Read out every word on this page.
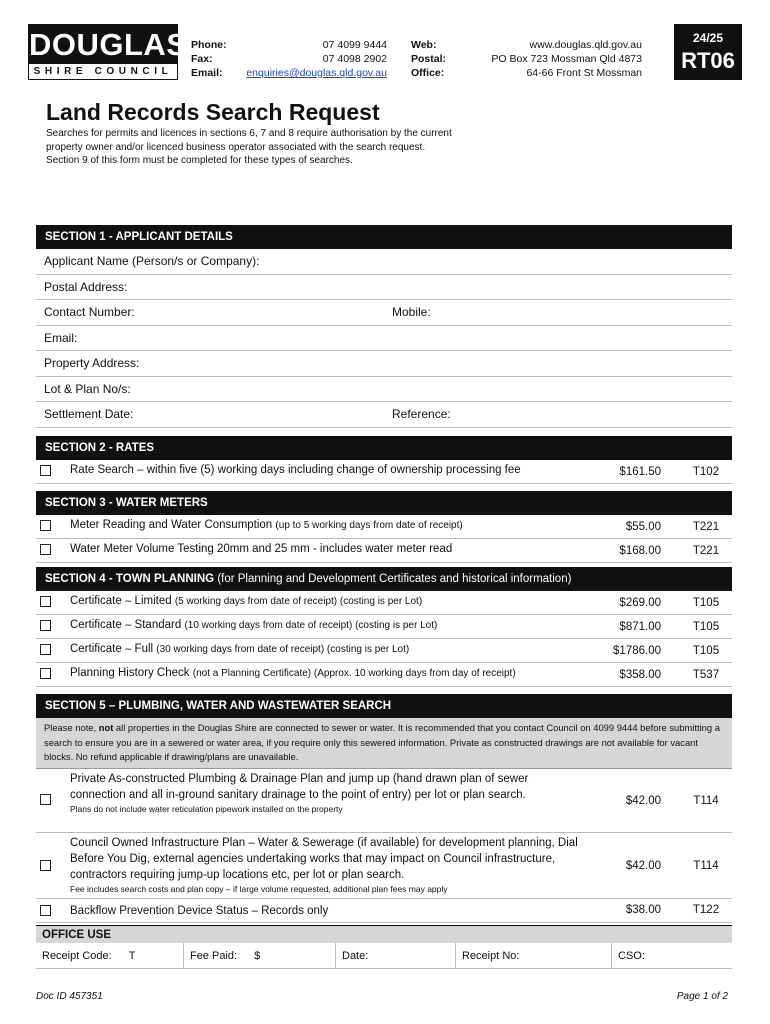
DOUGLAS
SHIRE COUNCIL
Phone:
Fax:
Email:
07 4099 9444
07 4098 2902
enquiries@douglas.qld.gov.au
Web:
Postal:
Office:
www.douglas.qld.gov.au
PO Box 723 Mossman Qld 4873
64-66 Front St Mossman
24/25
RT06
Land Records Search Request

Searches for permits and licences in sections 6, 7 and 8 require authorisation by the current

property owner and/or licenced business operator associated with the search request.

Section 9 of this form must be completed for these types of searches.

SECTION 1 - APPLICANT DETAILS
Applicant Name (Person/s or Company):
Postal Address:
Contact Number:	Mobile:
Email:
Property Address:
Lot & Plan No/s:
Settlement Date:	Reference:
SECTION 2 - RATES
Rate Search – within five (5) working days including change of ownership processing fee	$161.50	T102
SECTION 3 - WATER METERS
Meter Reading and Water Consumption (up to 5 working days from date of receipt)	$55.00	T221
Water Meter Volume Testing 20mm and 25 mm - includes water meter read	$168.00	T221
SECTION 4 - TOWN PLANNING (for Planning and Development Certificates and historical information)
Certificate – Limited (5 working days from date of receipt) (costing is per Lot)	$269.00	T105
Certificate – Standard (10 working days from date of receipt) (costing is per Lot)	$871.00	T105
Certificate – Full (30 working days from date of receipt) (costing is per Lot)	$1786.00	T105
Planning History Check (not a Planning Certificate) (Approx. 10 working days from day of receipt)	$358.00	T537
SECTION 5 – PLUMBING, WATER AND WASTEWATER SEARCH
Please note, not all properties in the Douglas Shire are connected to sewer or water. It is recommended that you contact Council on 4099 9444 before submitting a search to ensure you are in a sewered or water area, if you require only this sewered information. Private as constructed drawings are not available for vacant blocks. No refund applicable if drawing/plans are unavailable.
Private As-constructed Plumbing & Drainage Plan and jump up (hand drawn plan of sewer connection and all in-ground sanitary drainage to the point of entry) per lot or plan search.
Plans do not include water reticulation pipework installed on the property
$42.00	T114
Council Owned Infrastructure Plan – Water & Sewerage (if available) for development planning, Dial Before You Dig, external agencies undertaking works that may impact on Council infrastructure, contractors requiring jump-up locations etc, per lot or plan search.
Fee includes search costs and plan copy – if large volume requested, additional plan fees may apply
$42.00	T114
Backflow Prevention Device Status – Records only	$38.00	T122
OFFICE USE
Receipt Code: T	Fee Paid: $	Date:	Receipt No:	CSO:
Doc ID 457351	Page 1 of 2
